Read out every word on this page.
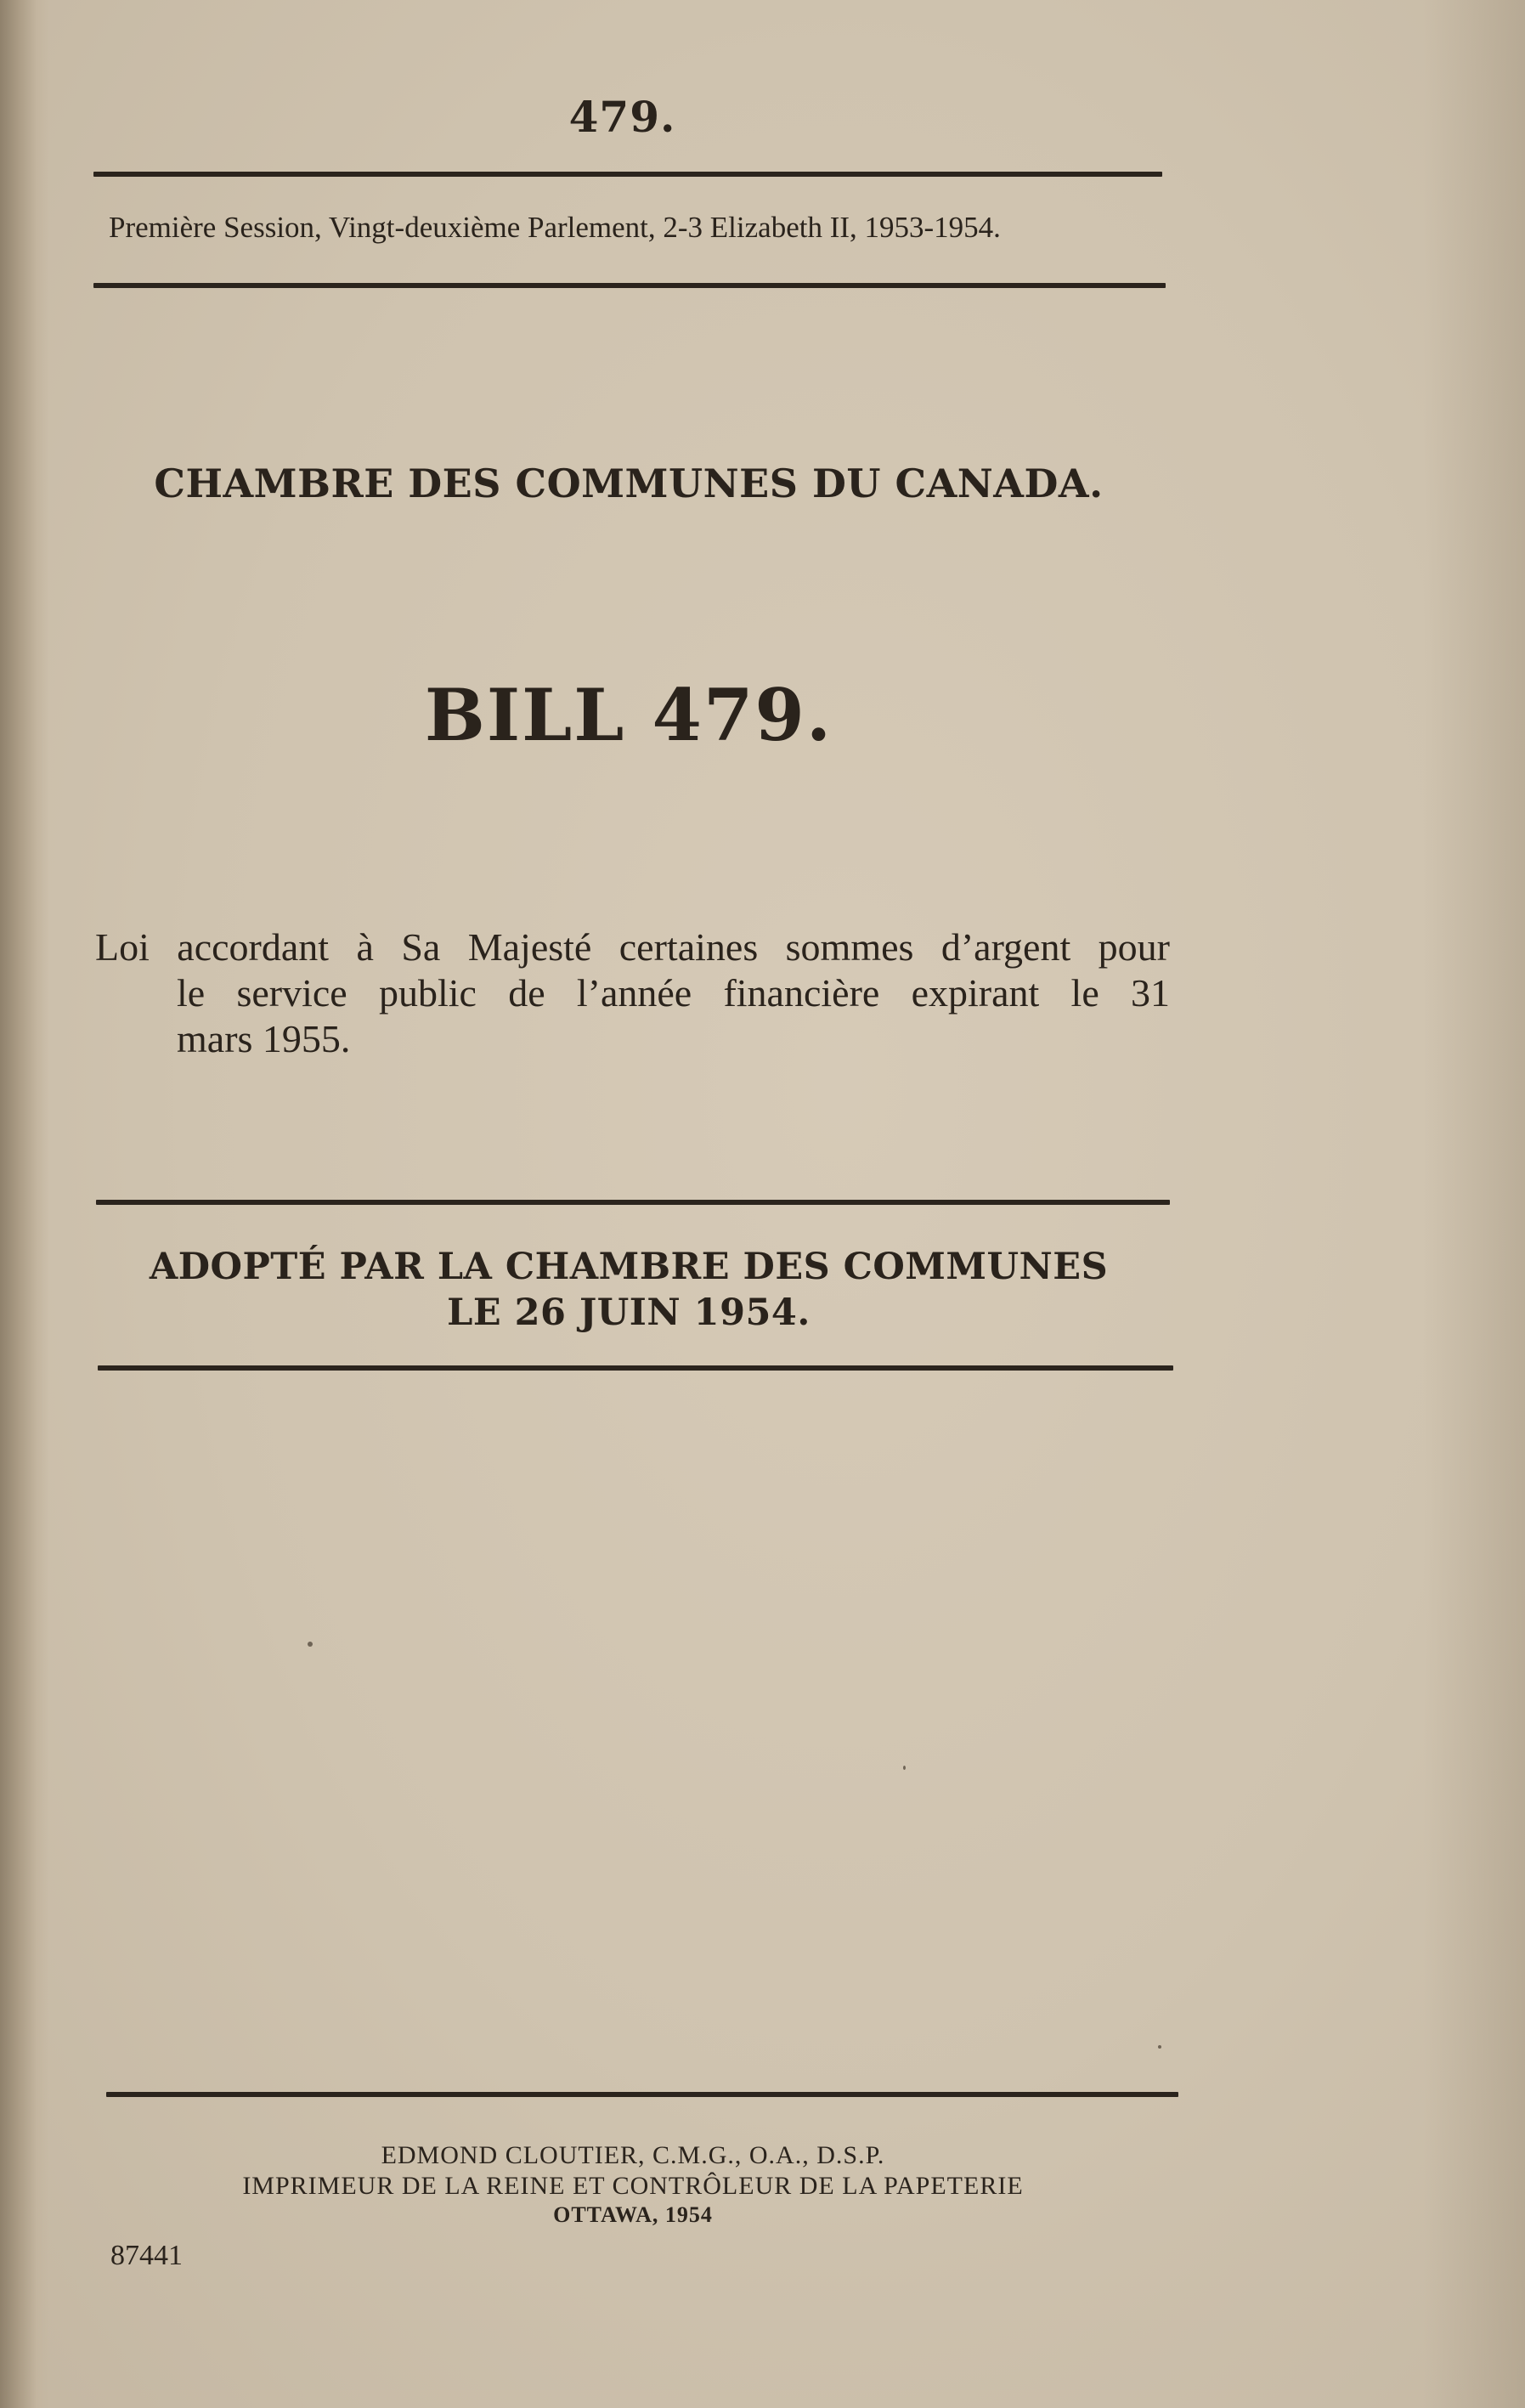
479.
Première Session, Vingt-deuxième Parlement, 2-3 Elizabeth II, 1953-1954.
CHAMBRE DES COMMUNES DU CANADA.
BILL 479.
Loi accordant à Sa Majesté certaines sommes d’argent pour
le service public de l’année financière expirant le 31
mars 1955.
ADOPTÉ PAR LA CHAMBRE DES COMMUNES
LE 26 JUIN 1954.
EDMOND CLOUTIER, C.M.G., O.A., D.S.P.
IMPRIMEUR DE LA REINE ET CONTRÔLEUR DE LA PAPETERIE
OTTAWA, 1954
87441
